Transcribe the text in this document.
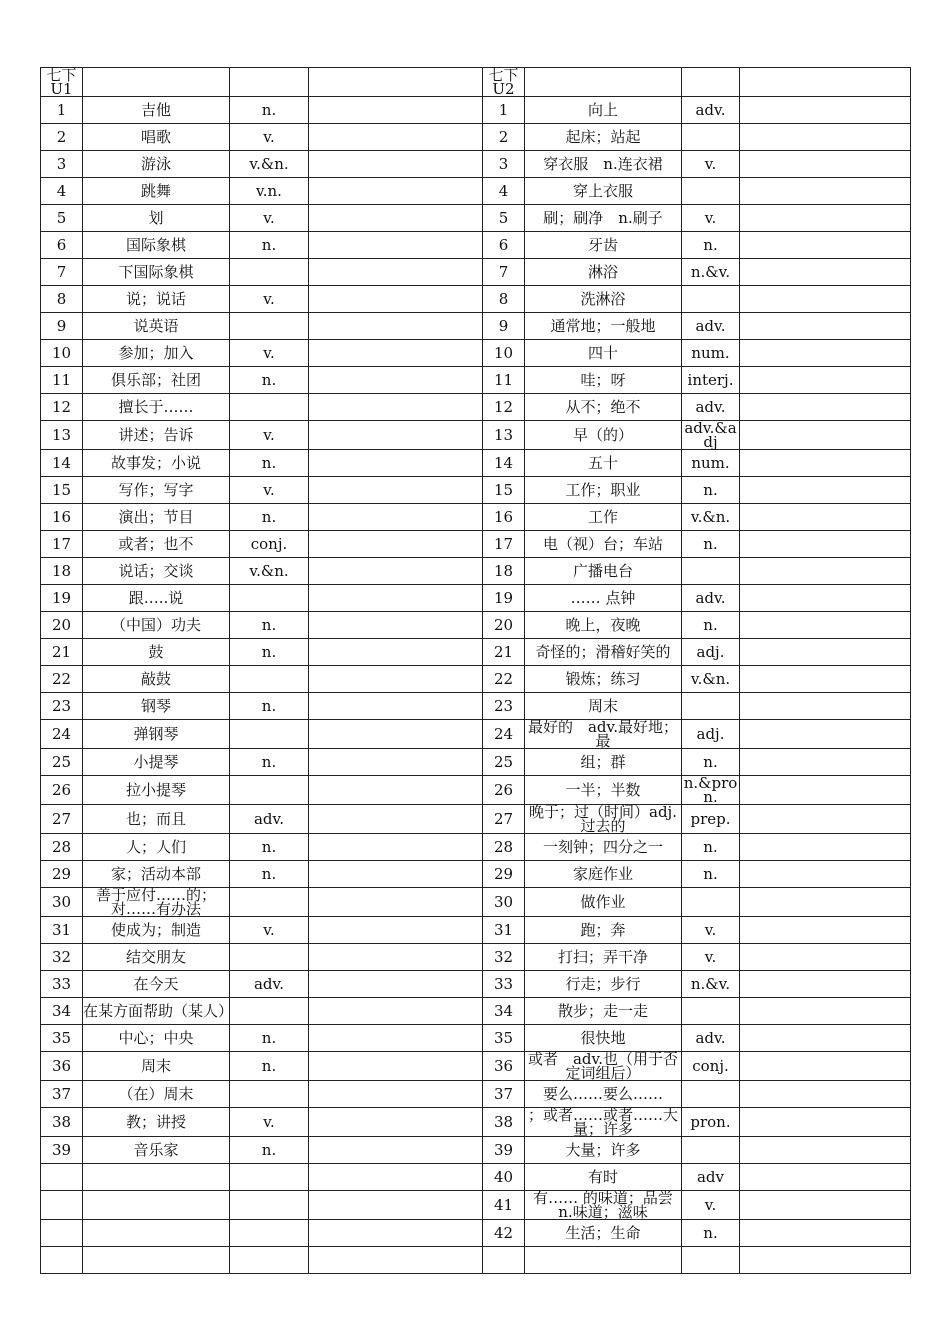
七下U1				七下U2			
1	吉他	n.		1	向上	adv.	
2	唱歌	v.		2	起床；站起		
3	游泳	v.&n.		3	穿衣服　n.连衣裙	v.	
4	跳舞	v.n.		4	穿上衣服		
5	划	v.		5	刷；刷净　n.刷子	v.	
6	国际象棋	n.		6	牙齿	n.	
7	下国际象棋			7	淋浴	n.&v.	
8	说；说话	v.		8	洗淋浴		
9	说英语			9	通常地；一般地	adv.	
10	参加；加入	v.		10	四十	num.	
11	俱乐部；社团	n.		11	哇；呀	interj.	
12	擅长于……			12	从不；绝不	adv.	
13	讲述；告诉	v.		13	早（的）	adv.&adj	
14	故事发；小说	n.		14	五十	num.	
15	写作；写字	v.		15	工作；职业	n.	
16	演出；节目	n.		16	工作	v.&n.	
17	或者；也不	conj.		17	电（视）台；车站	n.	
18	说话；交谈	v.&n.		18	广播电台		
19	跟…..说			19	…… 点钟	adv.	
20	（中国）功夫	n.		20	晚上，夜晚	n.	
21	鼓	n.		21	奇怪的；滑稽好笑的	adj.	
22	敲鼓			22	锻炼；练习	v.&n.	
23	钢琴	n.		23	周末		
24	弹钢琴			24	最好的　adv.最好地；最	adj.	
25	小提琴	n.		25	组；群	n.	
26	拉小提琴			26	一半；半数	n.&pron.	
27	也；而且	adv.		27	晚于；过（时间）adj.过去的	prep.	
28	人；人们	n.		28	一刻钟；四分之一	n.	
29	家；活动本部	n.		29	家庭作业	n.	
30	善于应付……的；对……有办法			30	做作业		
31	使成为；制造	v.		31	跑；奔	v.	
32	结交朋友			32	打扫；弄干净	v.	
33	在今天	adv.		33	行走；步行	n.&v.	
34	在某方面帮助（某人）			34	散步；走一走		
35	中心；中央	n.		35	很快地	adv.	
36	周末	n.		36	或者　adv.也（用于否定词组后）	conj.	
37	（在）周末			37	要么……要么……		
38	教；讲授	v.		38	；或者……或者……大量；许多	pron.	
39	音乐家	n.		39	大量；许多		
				40	有时	adv	
				41	有…… 的味道；品尝　n.味道；滋味	v.	
				42	生活；生命	n.	
